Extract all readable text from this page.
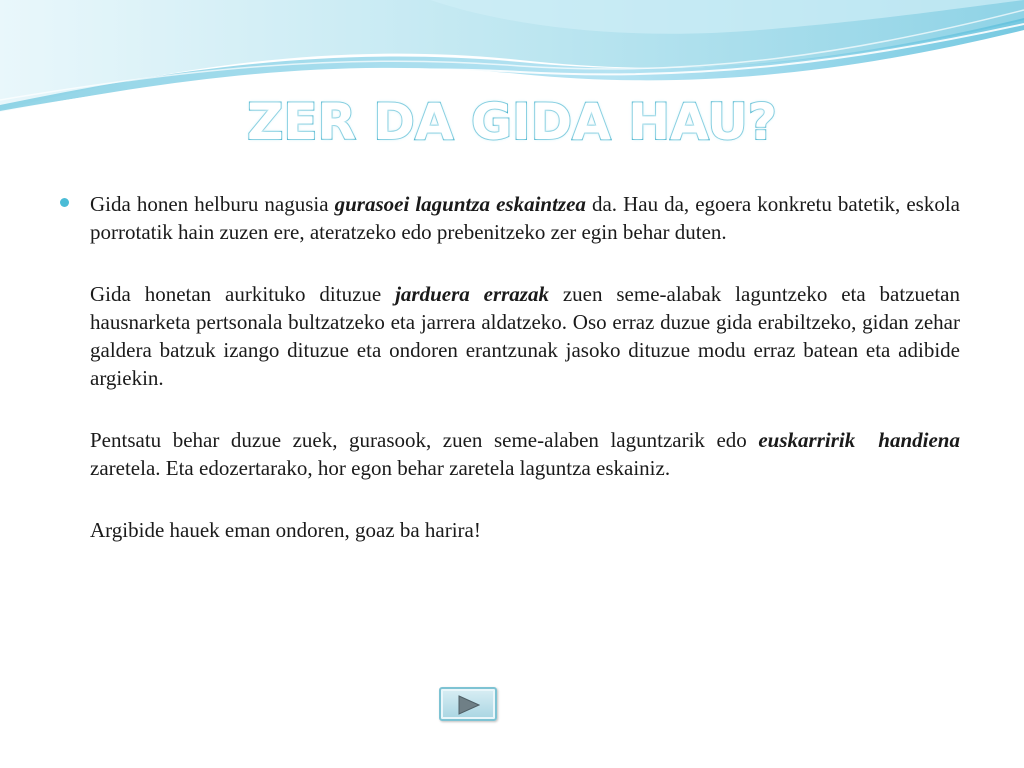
ZER DA GIDA HAU?

Gida honen helburu nagusia gurasoei laguntza eskaintzea da. Hau da, egoera konkretu batetik, eskola porrotatik hain zuzen ere, ateratzeko edo prebenitzeko zer egin behar duten.

Gida honetan aurkituko dituzue jarduera errazak zuen seme-alabak laguntzeko eta batzuetan hausnarketa pertsonala bultzatzeko eta jarrera aldatzeko. Oso erraz duzue gida erabiltzeko, gidan zehar galdera batzuk izango dituzue eta ondoren erantzunak jasoko dituzue modu erraz batean eta adibide argiekin.

Pentsatu behar duzue zuek, gurasook, zuen seme-alaben laguntzarik edo euskarririk  handiena zaretela. Eta edozertarako, hor egon behar zaretela laguntza eskainiz.

Argibide hauek eman ondoren, goaz ba harira!
